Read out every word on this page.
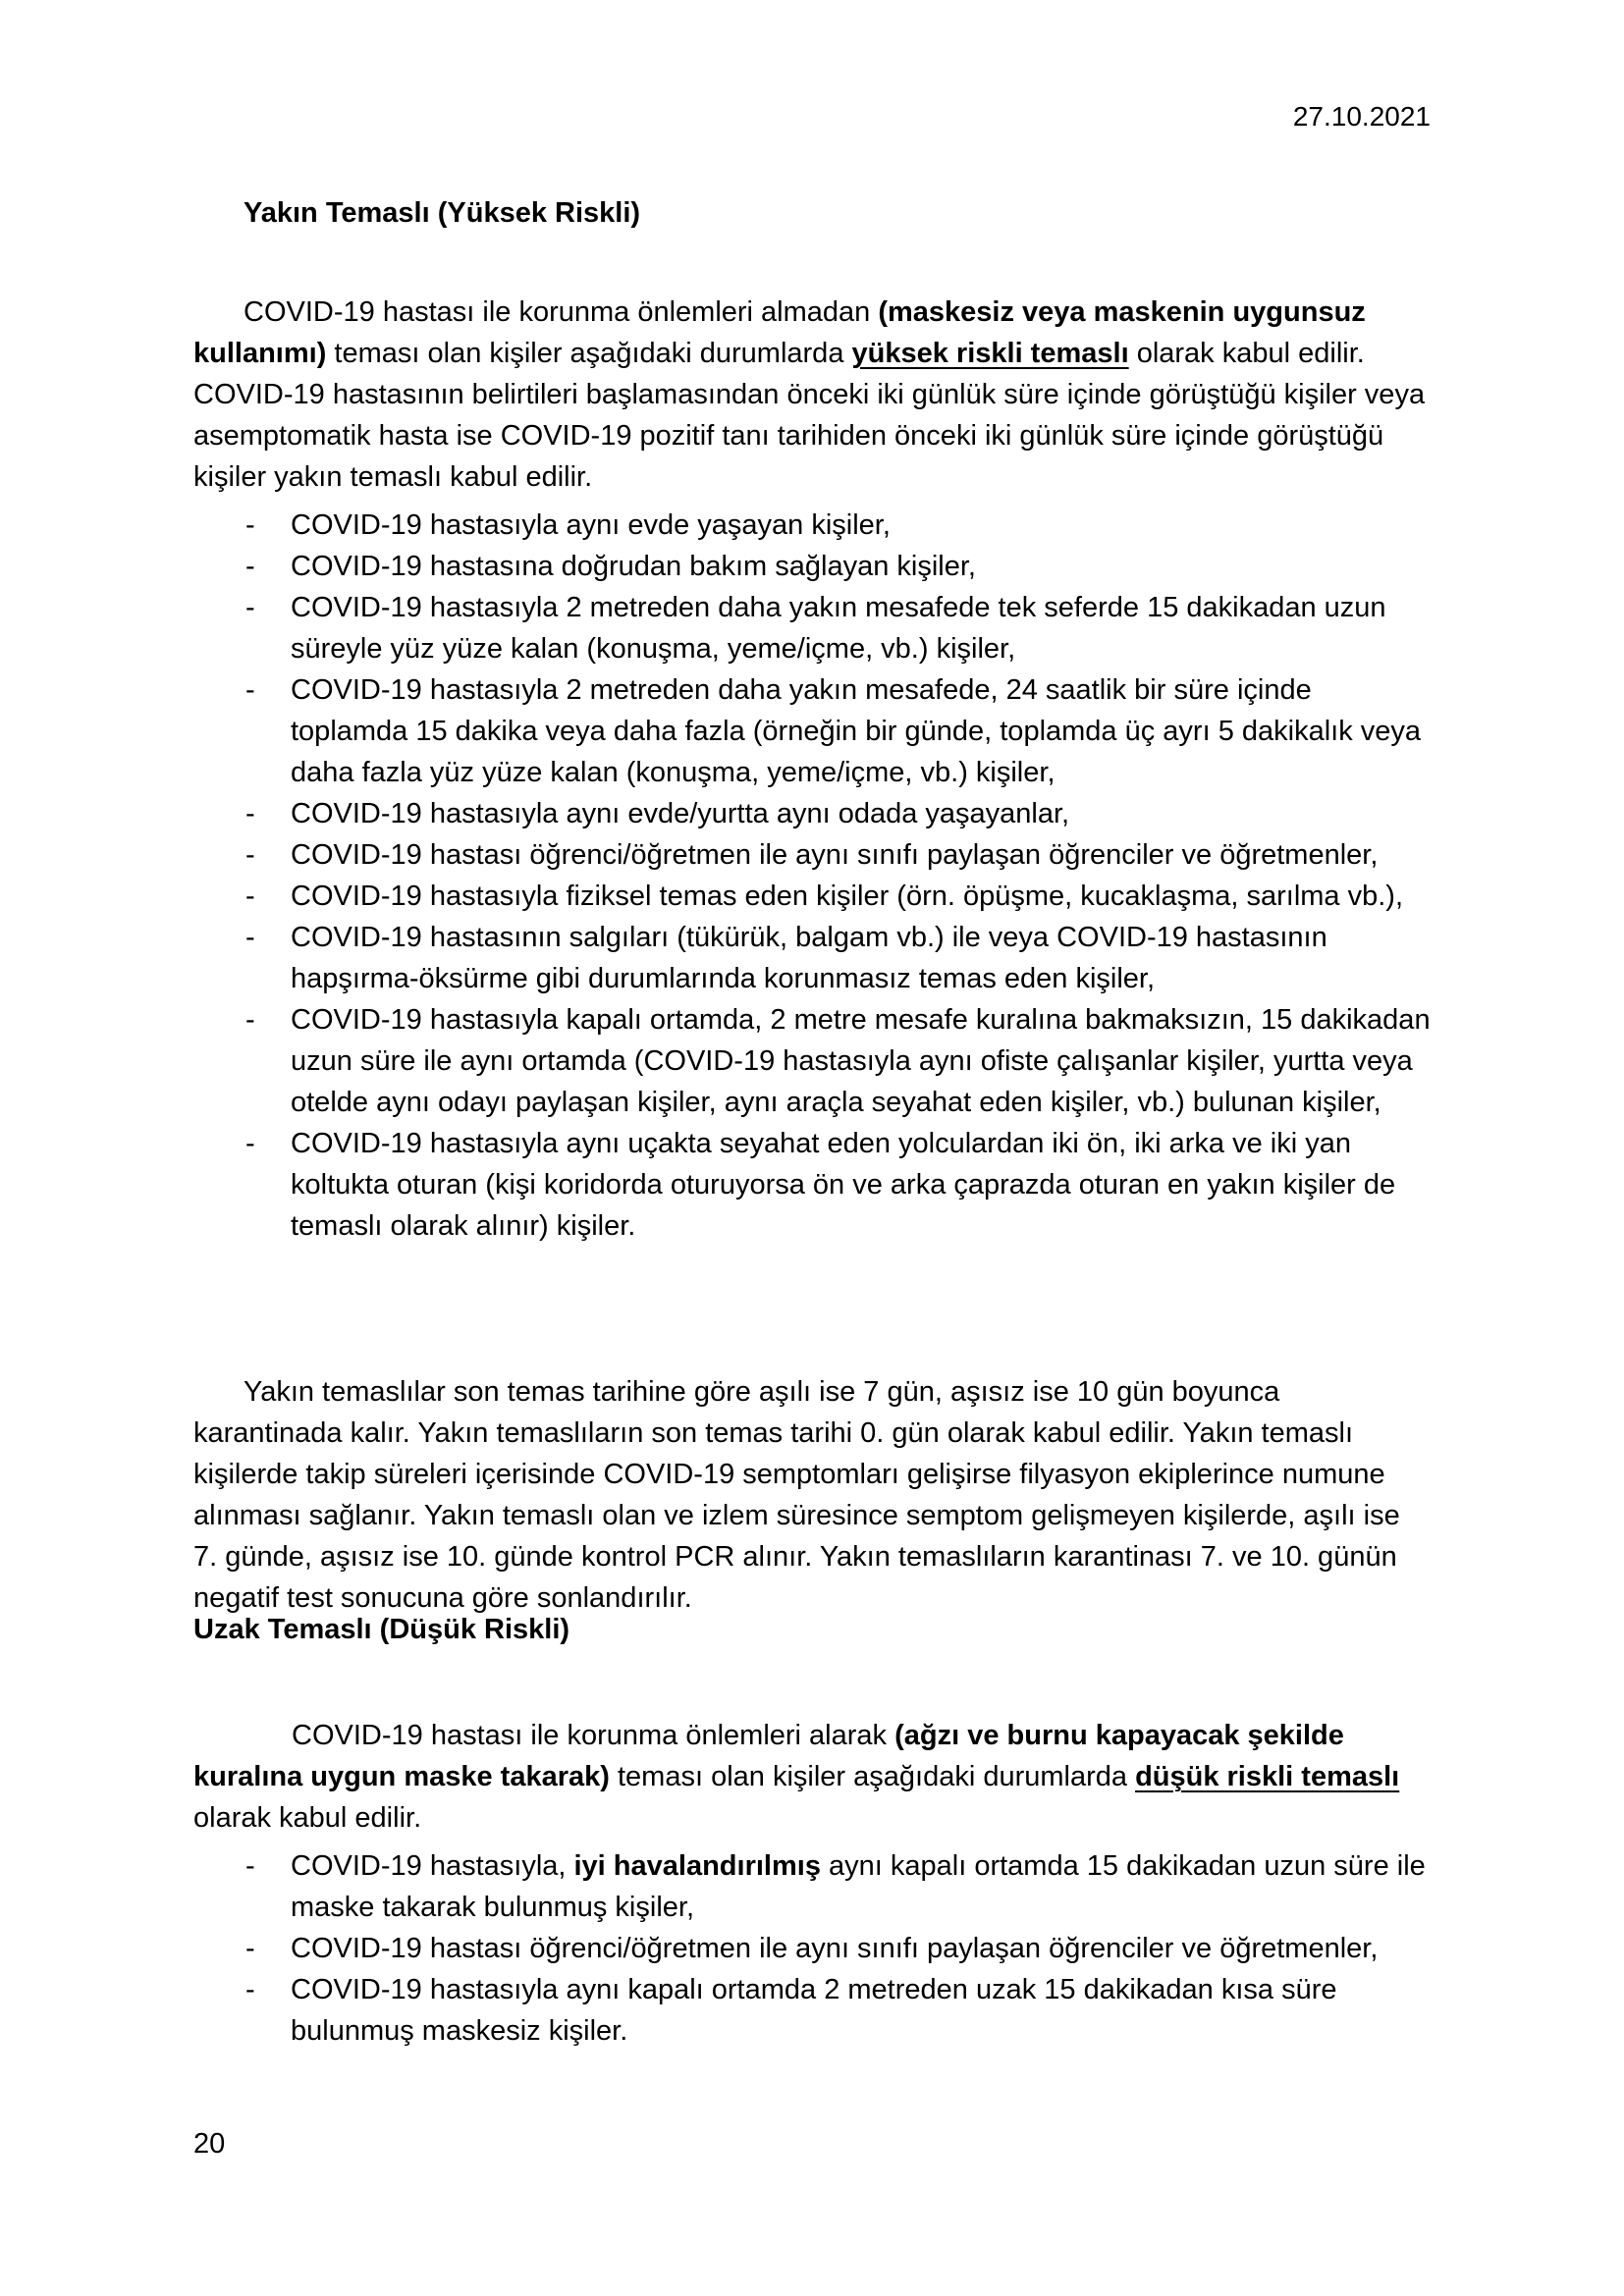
27.10.2021
Yakın Temaslı (Yüksek Riskli)

COVID-19 hastası ile korunma önlemleri almadan (maskesiz veya maskenin uygunsuz kullanımı) teması olan kişiler aşağıdaki durumlarda yüksek riskli temaslı olarak kabul edilir. COVID-19 hastasının belirtileri başlamasından önceki iki günlük süre içinde görüştüğü kişiler veya asemptomatik hasta ise COVID-19 pozitif tanı tarihiden önceki iki günlük süre içinde görüştüğü kişiler yakın temaslı kabul edilir.

- COVID-19 hastasıyla aynı evde yaşayan kişiler,
- COVID-19 hastasına doğrudan bakım sağlayan kişiler,
- COVID-19 hastasıyla 2 metreden daha yakın mesafede tek seferde 15 dakikadan uzun süreyle yüz yüze kalan (konuşma, yeme/içme, vb.) kişiler,
- COVID-19 hastasıyla 2 metreden daha yakın mesafede, 24 saatlik bir süre içinde toplamda 15 dakika veya daha fazla (örneğin bir günde, toplamda üç ayrı 5 dakikalık veya daha fazla yüz yüze kalan (konuşma, yeme/içme, vb.) kişiler,
- COVID-19 hastasıyla aynı evde/yurtta aynı odada yaşayanlar,
- COVID-19 hastası öğrenci/öğretmen ile aynı sınıfı paylaşan öğrenciler ve öğretmenler,
- COVID-19 hastasıyla fiziksel temas eden kişiler (örn. öpüşme, kucaklaşma, sarılma vb.),
- COVID-19 hastasının salgıları (tükürük, balgam vb.) ile veya COVID-19 hastasının hapşırma-öksürme gibi durumlarında korunmasız temas eden kişiler,
- COVID-19 hastasıyla kapalı ortamda, 2 metre mesafe kuralına bakmaksızın, 15 dakikadan uzun süre ile aynı ortamda (COVID-19 hastasıyla aynı ofiste çalışanlar kişiler, yurtta veya otelde aynı odayı paylaşan kişiler, aynı araçla seyahat eden kişiler, vb.) bulunan kişiler,
- COVID-19 hastasıyla aynı uçakta seyahat eden yolculardan iki ön, iki arka ve iki yan koltukta oturan (kişi koridorda oturuyorsa ön ve arka çaprazda oturan en yakın kişiler de temaslı olarak alınır) kişiler.

Yakın temaslılar son temas tarihine göre aşılı ise 7 gün, aşısız ise 10 gün boyunca karantinada kalır. Yakın temaslıların son temas tarihi 0. gün olarak kabul edilir. Yakın temaslı kişilerde takip süreleri içerisinde COVID-19 semptomları gelişirse filyasyon ekiplerince numune alınması sağlanır. Yakın temaslı olan ve izlem süresince semptom gelişmeyen kişilerde, aşılı ise 7. günde, aşısız ise 10. günde kontrol PCR alınır. Yakın temaslıların karantinası 7. ve 10. günün negatif test sonucuna göre sonlandırılır.

Uzak Temaslı (Düşük Riskli)

COVID-19 hastası ile korunma önlemleri alarak (ağzı ve burnu kapayacak şekilde kuralına uygun maske takarak) teması olan kişiler aşağıdaki durumlarda düşük riskli temaslı olarak kabul edilir.

- COVID-19 hastasıyla, iyi havalandırılmış aynı kapalı ortamda 15 dakikadan uzun süre ile maske takarak bulunmuş kişiler,
- COVID-19 hastası öğrenci/öğretmen ile aynı sınıfı paylaşan öğrenciler ve öğretmenler,
- COVID-19 hastasıyla aynı kapalı ortamda 2 metreden uzak 15 dakikadan kısa süre bulunmuş maskesiz kişiler.
20
